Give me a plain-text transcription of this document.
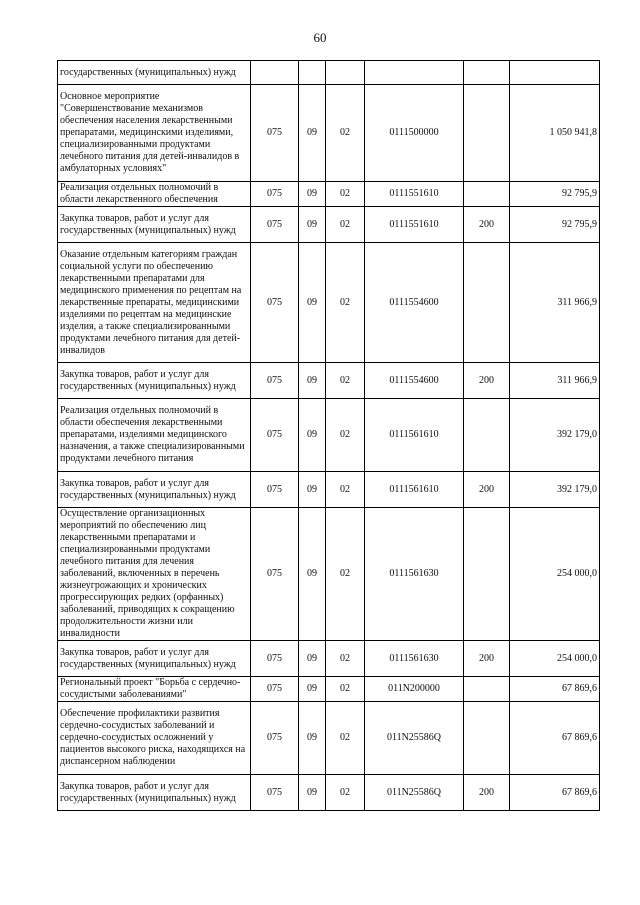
60
государственных (муниципальных) нужд						
Основное мероприятие "Совершенствование механизмов обеспечения населения лекарственными препаратами, медицинскими изделиями, специализированными продуктами лечебного питания для детей-инвалидов в амбулаторных условиях"	075	09	02	0111500000		1 050 941,8
Реализация отдельных полномочий в области лекарственного обеспечения	075	09	02	0111551610		92 795,9
Закупка товаров, работ и услуг для государственных (муниципальных) нужд	075	09	02	0111551610	200	92 795,9
Оказание отдельным категориям граждан социальной услуги по обеспечению лекарственными препаратами для медицинского применения по рецептам на лекарственные препараты, медицинскими изделиями по рецептам на медицинские изделия, а также специализированными продуктами лечебного питания для детей-инвалидов	075	09	02	0111554600		311 966,9
Закупка товаров, работ и услуг для государственных (муниципальных) нужд	075	09	02	0111554600	200	311 966,9
Реализация отдельных полномочий в области обеспечения лекарственными препаратами, изделиями медицинского назначения, а также специализированными продуктами лечебного питания	075	09	02	0111561610		392 179,0
Закупка товаров, работ и услуг для государственных (муниципальных) нужд	075	09	02	0111561610	200	392 179,0
Осуществление организационных мероприятий по обеспечению лиц лекарственными препаратами и специализированными продуктами лечебного питания для лечения заболеваний, включенных в перечень жизнеугрожающих и хронических прогрессирующих редких (орфанных) заболеваний, приводящих к сокращению продолжительности жизни или инвалидности	075	09	02	0111561630		254 000,0
Закупка товаров, работ и услуг для государственных (муниципальных) нужд	075	09	02	0111561630	200	254 000,0
Региональный проект "Борьба с сердечно-сосудистыми заболеваниями"	075	09	02	011N200000		67 869,6
Обеспечение профилактики развития сердечно-сосудистых заболеваний и сердечно-сосудистых осложнений у пациентов высокого риска, находящихся на диспансерном наблюдении	075	09	02	011N25586Q		67 869,6
Закупка товаров, работ и услуг для государственных (муниципальных) нужд	075	09	02	011N25586Q	200	67 869,6
